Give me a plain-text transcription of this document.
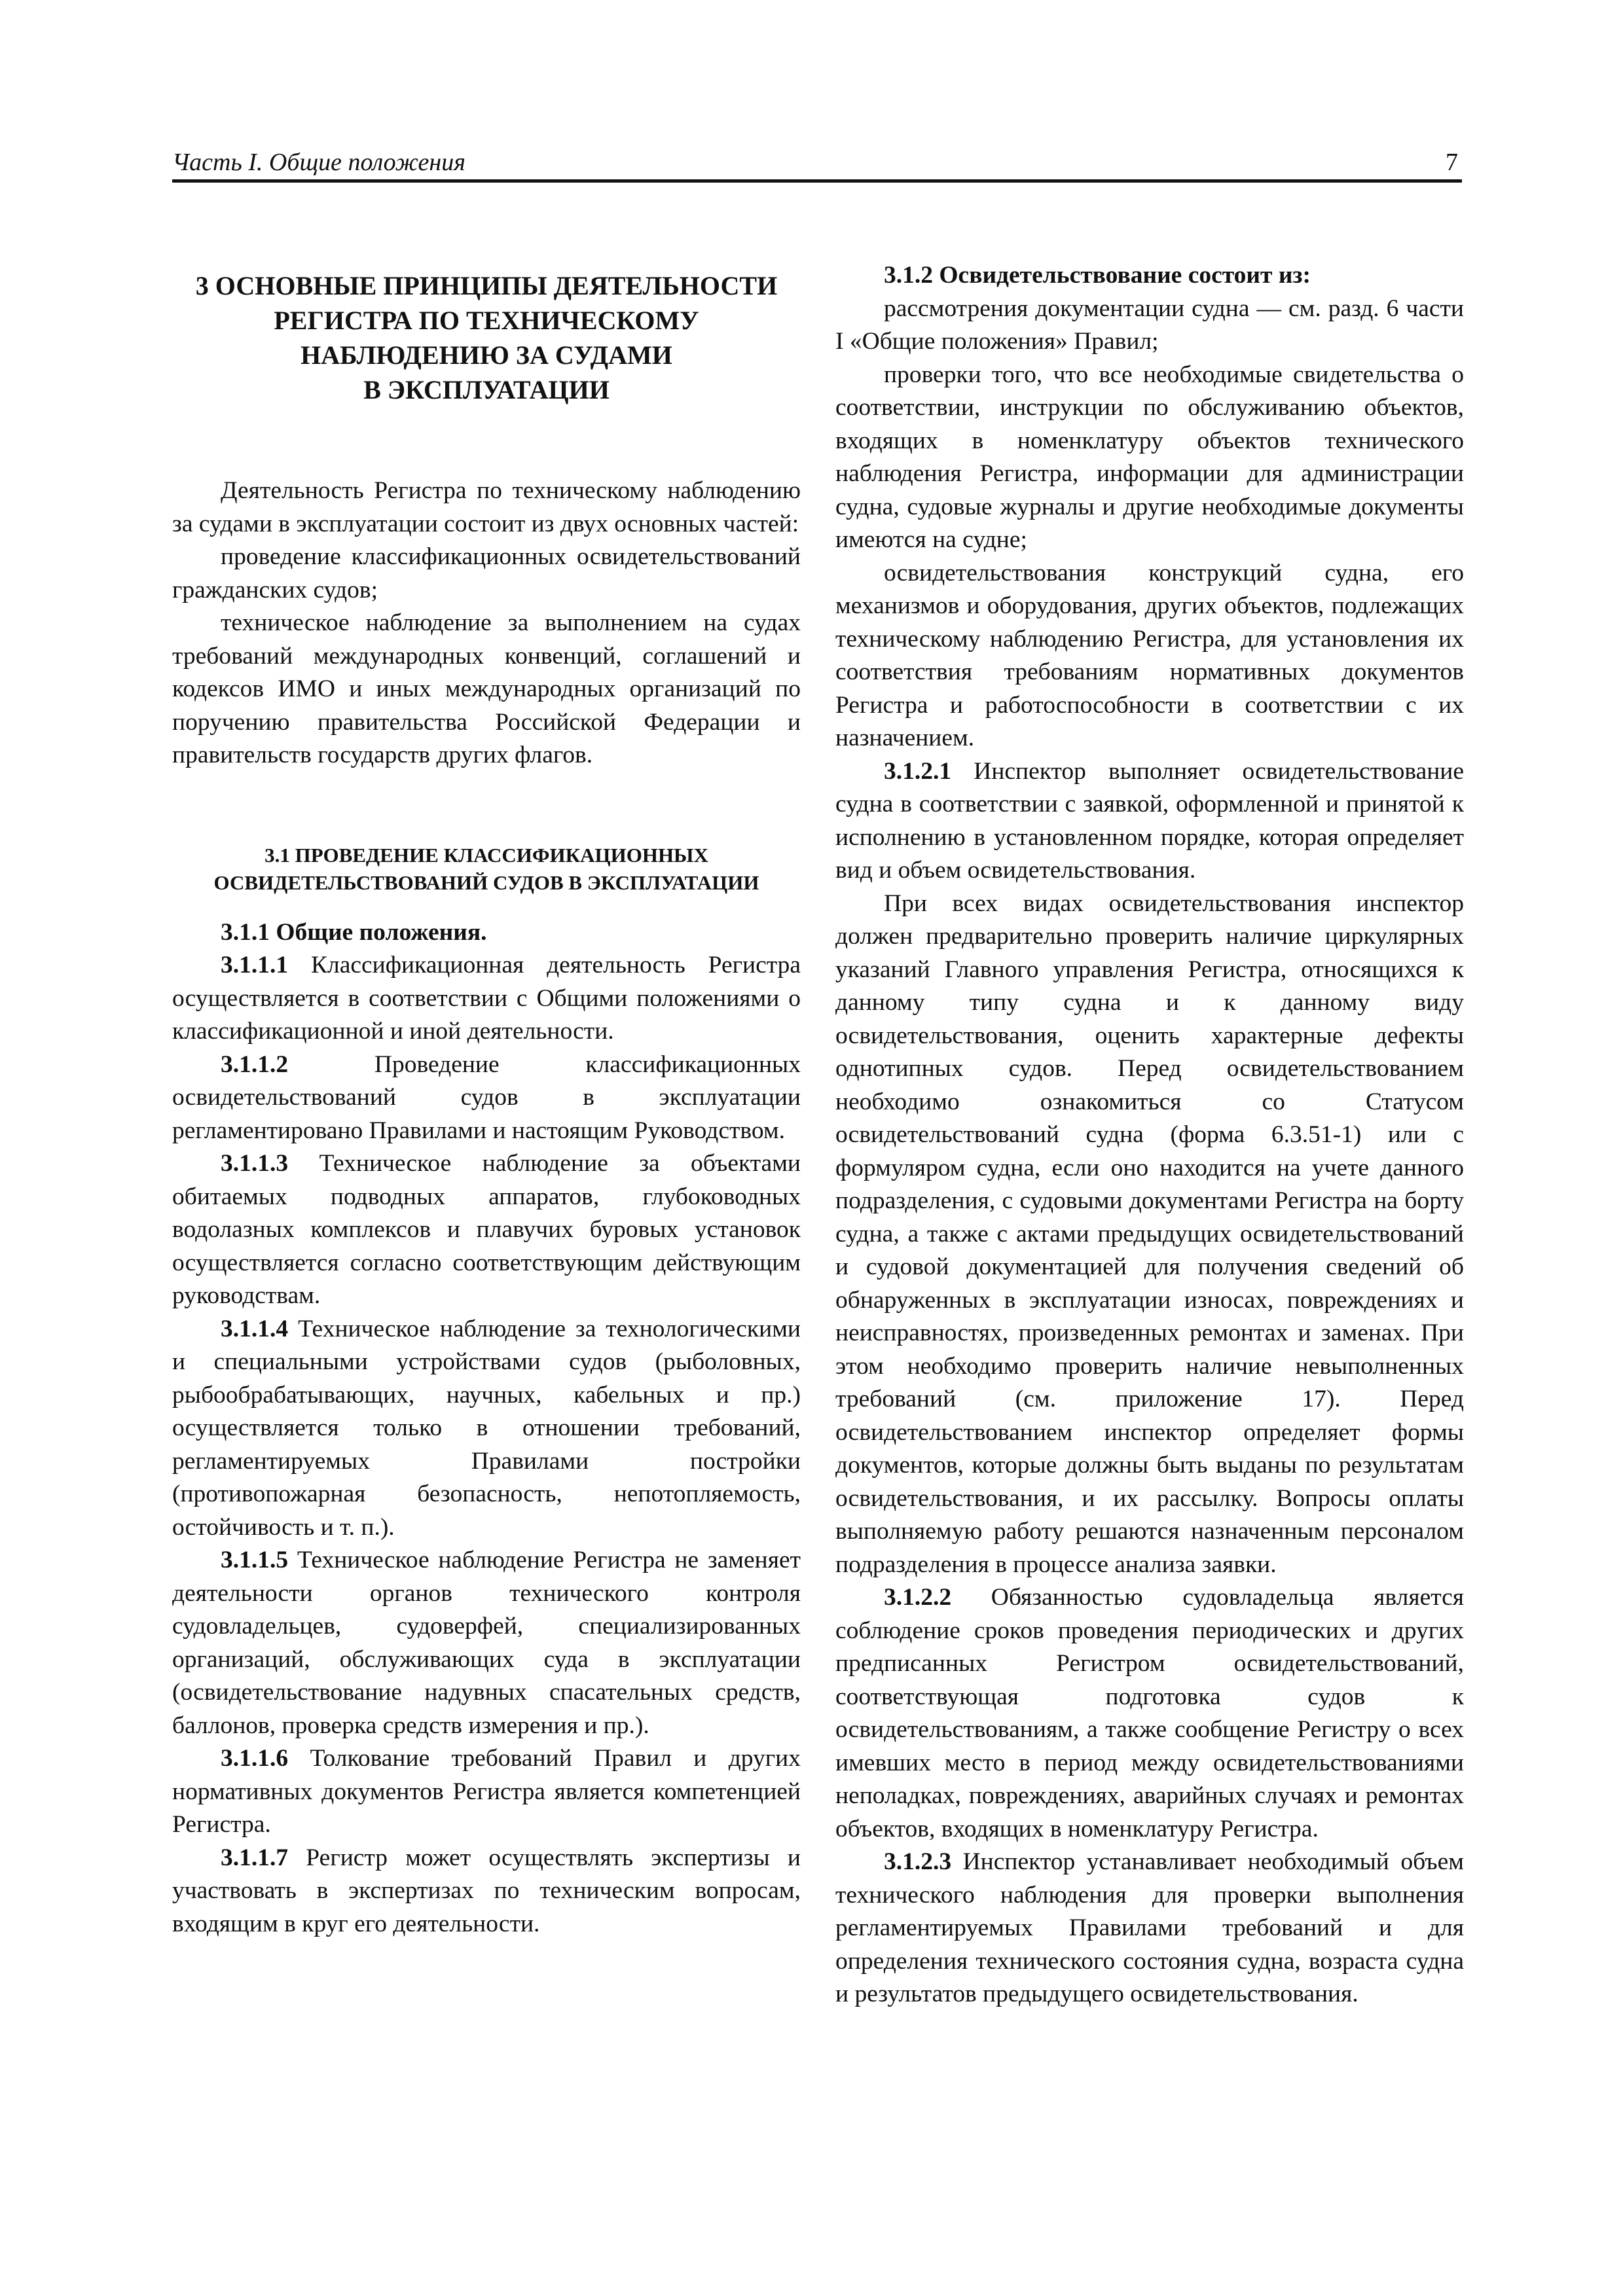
Часть I. Общие положения	7
3 ОСНОВНЫЕ ПРИНЦИПЫ ДЕЯТЕЛЬНОСТИ
РЕГИСТРА ПО ТЕХНИЧЕСКОМУ
НАБЛЮДЕНИЮ ЗА СУДАМИ
В ЭКСПЛУАТАЦИИ

Деятельность Регистра по техническому наблюдению за судами в эксплуатации состоит из двух основных частей:

проведение классификационных освидетельствований гражданских судов;

техническое наблюдение за выполнением на судах требований международных конвенций, соглашений и кодексов ИМО и иных международных организаций по поручению правительства Российской Федерации и правительств государств других флагов.

3.1 ПРОВЕДЕНИЕ КЛАССИФИКАЦИОННЫХ
ОСВИДЕТЕЛЬСТВОВАНИЙ СУДОВ В ЭКСПЛУАТАЦИИ

3.1.1 Общие положения.

3.1.1.1 Классификационная деятельность Регистра осуществляется в соответствии с Общими положениями о классификационной и иной деятельности.

3.1.1.2 Проведение классификационных освидетельствований судов в эксплуатации регламентировано Правилами и настоящим Руководством.

3.1.1.3 Техническое наблюдение за объектами обитаемых подводных аппаратов, глубоководных водолазных комплексов и плавучих буровых установок осуществляется согласно соответствующим действующим руководствам.

3.1.1.4 Техническое наблюдение за технологическими и специальными устройствами судов (рыболовных, рыбообрабатывающих, научных, кабельных и пр.) осуществляется только в отношении требований, регламентируемых Правилами постройки (противопожарная безопасность, непотопляемость, остойчивость и т. п.).

3.1.1.5 Техническое наблюдение Регистра не заменяет деятельности органов технического контроля судовладельцев, судоверфей, специализированных организаций, обслуживающих суда в эксплуатации (освидетельствование надувных спасательных средств, баллонов, проверка средств измерения и пр.).

3.1.1.6 Толкование требований Правил и других нормативных документов Регистра является компетенцией Регистра.

3.1.1.7 Регистр может осуществлять экспертизы и участвовать в экспертизах по техническим вопросам, входящим в круг его деятельности.

3.1.2 Освидетельствование состоит из:

рассмотрения документации судна — см. разд. 6 части I «Общие положения» Правил;

проверки того, что все необходимые свидетельства о соответствии, инструкции по обслуживанию объектов, входящих в номенклатуру объектов технического наблюдения Регистра, информации для администрации судна, судовые журналы и другие необходимые документы имеются на судне;

освидетельствования конструкций судна, его механизмов и оборудования, других объектов, подлежащих техническому наблюдению Регистра, для установления их соответствия требованиям нормативных документов Регистра и работоспособности в соответствии с их назначением.

3.1.2.1 Инспектор выполняет освидетельствование судна в соответствии с заявкой, оформленной и принятой к исполнению в установленном порядке, которая определяет вид и объем освидетельствования.

При всех видах освидетельствования инспектор должен предварительно проверить наличие циркулярных указаний Главного управления Регистра, относящихся к данному типу судна и к данному виду освидетельствования, оценить характерные дефекты однотипных судов. Перед освидетельствованием необходимо ознакомиться со Статусом освидетельствований судна (форма 6.3.51-1) или с формуляром судна, если оно находится на учете данного подразделения, с судовыми документами Регистра на борту судна, а также с актами предыдущих освидетельствований и судовой документацией для получения сведений об обнаруженных в эксплуатации износах, повреждениях и неисправностях, произведенных ремонтах и заменах. При этом необходимо проверить наличие невыполненных требований (см. приложение 17). Перед освидетельствованием инспектор определяет формы документов, которые должны быть выданы по результатам освидетельствования, и их рассылку. Вопросы оплаты выполняемую работу решаются назначенным персоналом подразделения в процессе анализа заявки.

3.1.2.2 Обязанностью судовладельца является соблюдение сроков проведения периодических и других предписанных Регистром освидетельствований, соответствующая подготовка судов к освидетельствованиям, а также сообщение Регистру о всех имевших место в период между освидетельствованиями неполадках, повреждениях, аварийных случаях и ремонтах объектов, входящих в номенклатуру Регистра.

3.1.2.3 Инспектор устанавливает необходимый объем технического наблюдения для проверки выполнения регламентируемых Правилами требований и для определения технического состояния судна, возраста судна и результатов предыдущего освидетельствования.
